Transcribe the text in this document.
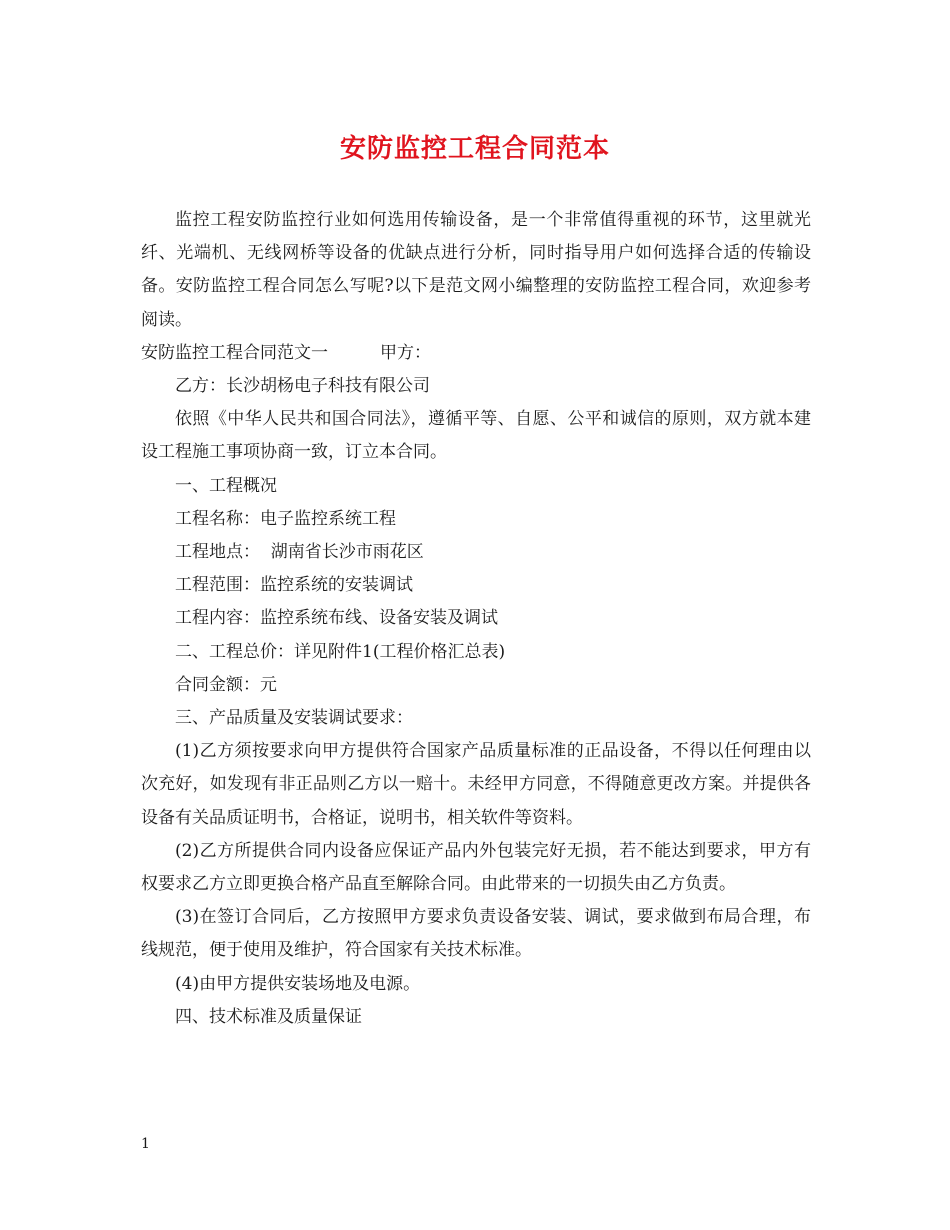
安防监控工程合同范本

监控工程安防监控行业如何选用传输设备，是一个非常值得重视的环节，这里就光纤、光端机、无线网桥等设备的优缺点进行分析，同时指导用户如何选择合适的传输设备。安防监控工程合同怎么写呢?以下是范文网小编整理的安防监控工程合同，欢迎参考阅读。

安防监控工程合同范文一	甲方：

乙方：长沙胡杨电子科技有限公司

依照《中华人民共和国合同法》，遵循平等、自愿、公平和诚信的原则，双方就本建设工程施工事项协商一致，订立本合同。

一、工程概况

工程名称：电子监控系统工程

工程地点：  湖南省长沙市雨花区

工程范围：监控系统的安装调试

工程内容：监控系统布线、设备安装及调试

二、工程总价：详见附件1(工程价格汇总表)

合同金额：元

三、产品质量及安装调试要求：

(1)乙方须按要求向甲方提供符合国家产品质量标准的正品设备，不得以任何理由以次充好，如发现有非正品则乙方以一赔十。未经甲方同意，不得随意更改方案。并提供各设备有关品质证明书，合格证，说明书，相关软件等资料。

(2)乙方所提供合同内设备应保证产品内外包装完好无损，若不能达到要求，甲方有权要求乙方立即更换合格产品直至解除合同。由此带来的一切损失由乙方负责。

(3)在签订合同后，乙方按照甲方要求负责设备安装、调试，要求做到布局合理，布线规范，便于使用及维护，符合国家有关技术标准。

(4)由甲方提供安装场地及电源。

四、技术标准及质量保证

1
